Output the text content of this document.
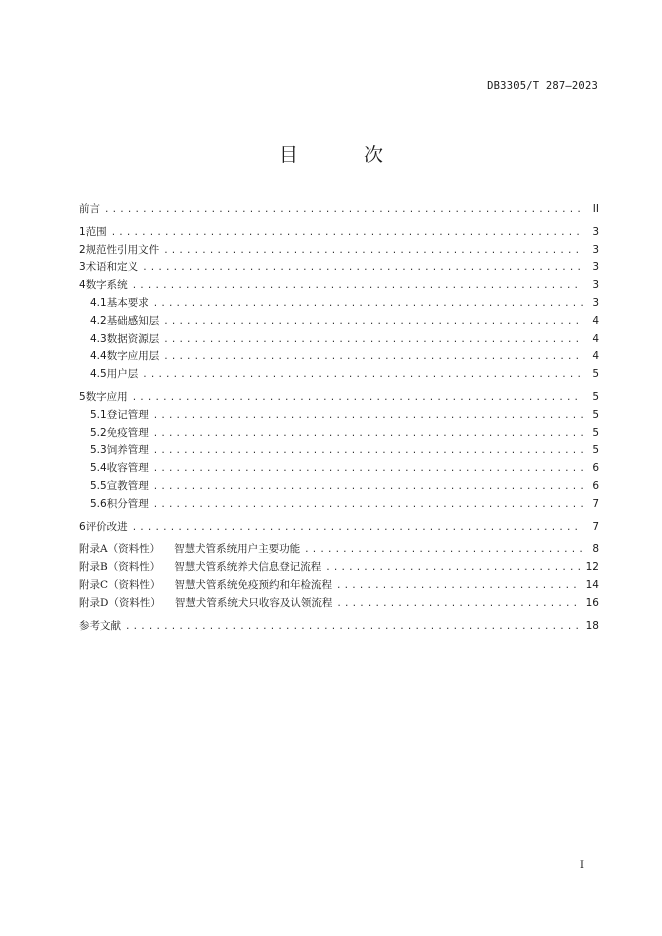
DB3305/T 287—2023
目 次
前言 .....	II
1 范围 .....	3
2 规范性引用文件 .....	3
3 术语和定义 .....	3
4 数字系统 .....	3
4.1 基本要求 .....	3
4.2 基础感知层 .....	4
4.3 数据资源层 .....	4
4.4 数字应用层 .....	4
4.5 用户层 .....	5
5 数字应用 .....	5
5.1 登记管理 .....	5
5.2 免疫管理 .....	5
5.3 饲养管理 .....	5
5.4 收容管理 .....	6
5.5 宣教管理 .....	6
5.6 积分管理 .....	7
6 评价改进 .....	7
附录A（资料性） 智慧犬管系统用户主要功能 .....	8
附录B（资料性） 智慧犬管系统养犬信息登记流程 .....	12
附录C（资料性） 智慧犬管系统免疫预约和年检流程 .....	14
附录D（资料性） 智慧犬管系统犬只收容及认领流程 .....	16
参考文献 .....	18
I
